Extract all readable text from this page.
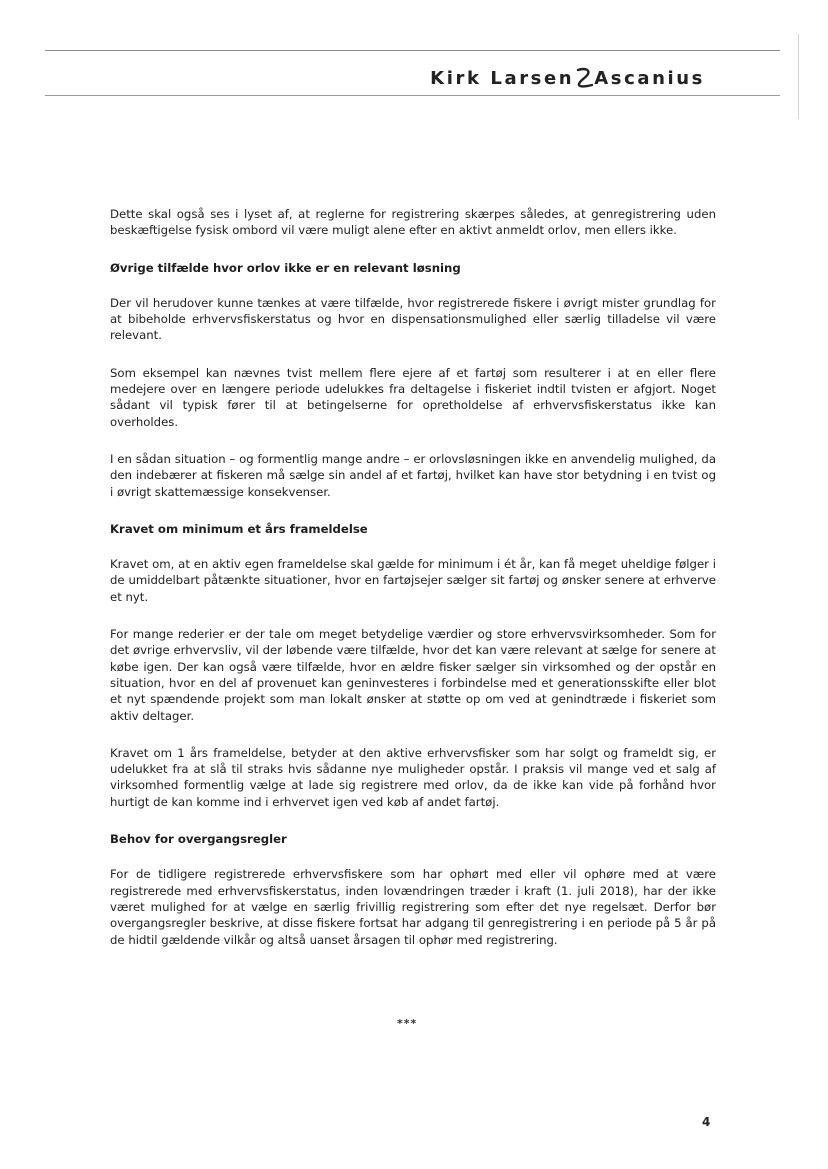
Kirk Larsen Ascanius

Dette skal også ses i lyset af, at reglerne for registrering skærpes således, at genregistrering uden beskæftigelse fysisk ombord vil være muligt alene efter en aktivt anmeldt orlov, men ellers ikke.

Øvrige tilfælde hvor orlov ikke er en relevant løsning

Der vil herudover kunne tænkes at være tilfælde, hvor registrerede fiskere i øvrigt mister grundlag for at bibeholde erhvervsfiskerstatus og hvor en dispensationsmulighed eller særlig tilladelse vil være relevant.

Som eksempel kan nævnes tvist mellem flere ejere af et fartøj som resulterer i at en eller flere medejere over en længere periode udelukkes fra deltagelse i fiskeriet indtil tvisten er afgjort. Noget sådant vil typisk fører til at betingelserne for opretholdelse af erhvervsfiskerstatus ikke kan overholdes.

I en sådan situation – og formentlig mange andre – er orlovsløsningen ikke en anvendelig mulighed, da den indebærer at fiskeren må sælge sin andel af et fartøj, hvilket kan have stor betydning i en tvist og i øvrigt skattemæssige konsekvenser.

Kravet om minimum et års frameldelse

Kravet om, at en aktiv egen frameldelse skal gælde for minimum i ét år, kan få meget uheldige følger i de umiddelbart påtænkte situationer, hvor en fartøjsejer sælger sit fartøj og ønsker senere at erhverve et nyt.

For mange rederier er der tale om meget betydelige værdier og store erhvervsvirksomheder. Som for det øvrige erhvervsliv, vil der løbende være tilfælde, hvor det kan være relevant at sælge for senere at købe igen. Der kan også være tilfælde, hvor en ældre fisker sælger sin virksomhed og der opstår en situation, hvor en del af provenuet kan geninvesteres i forbindelse med et generationsskifte eller blot et nyt spændende projekt som man lokalt ønsker at støtte op om ved at genindtræde i fiskeriet som aktiv deltager.

Kravet om 1 års frameldelse, betyder at den aktive erhvervsfisker som har solgt og frameldt sig, er udelukket fra at slå til straks hvis sådanne nye muligheder opstår. I praksis vil mange ved et salg af virksomhed formentlig vælge at lade sig registrere med orlov, da de ikke kan vide på forhånd hvor hurtigt de kan komme ind i erhvervet igen ved køb af andet fartøj.

Behov for overgangsregler

For de tidligere registrerede erhvervsfiskere som har ophørt med eller vil ophøre med at være registrerede med erhvervsfiskerstatus, inden lovændringen træder i kraft (1. juli 2018), har der ikke været mulighed for at vælge en særlig frivillig registrering som efter det nye regelsæt. Derfor bør overgangsregler beskrive, at disse fiskere fortsat har adgang til genregistrering i en periode på 5 år på de hidtil gældende vilkår og altså uanset årsagen til ophør med registrering.

***
4
